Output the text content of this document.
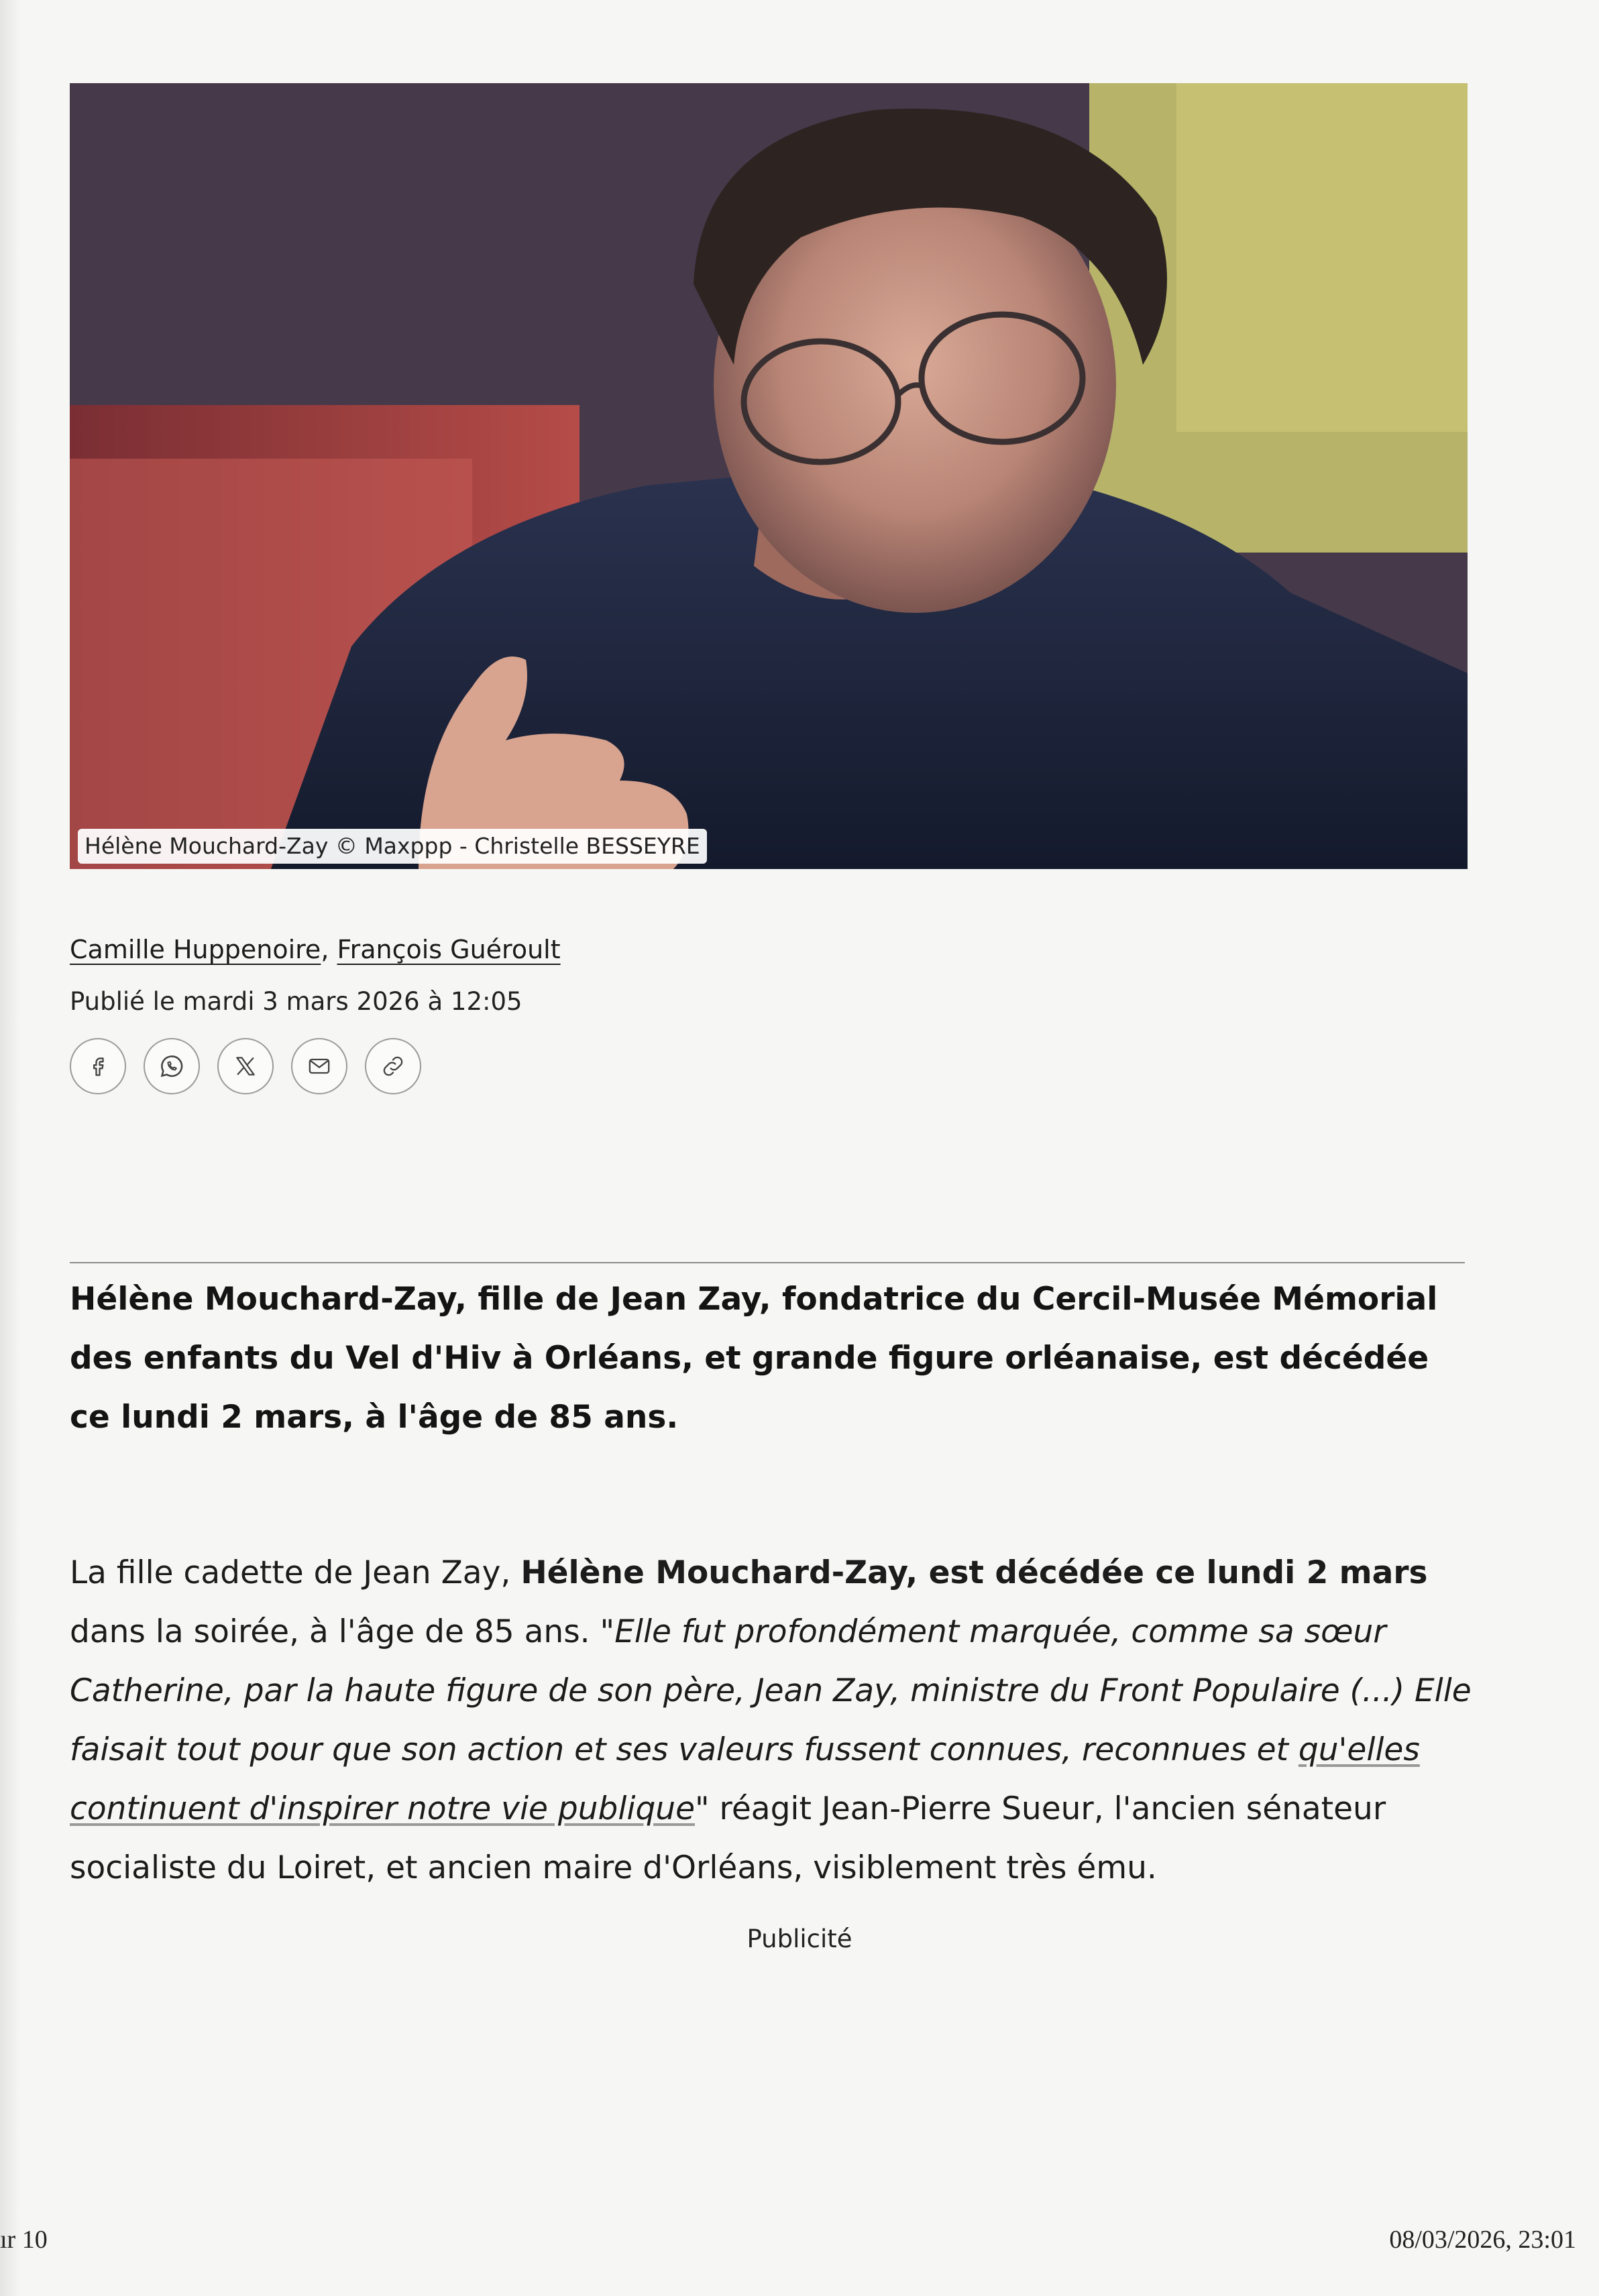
Hélène Mouchard-Zay © Maxppp - Christelle BESSEYRE
Camille Huppenoire, François Guéroult
Publié le mardi 3 mars 2026 à 12:05
Hélène Mouchard-Zay, fille de Jean Zay, fondatrice du Cercil-Musée Mémorial des enfants du Vel d'Hiv à Orléans, et grande figure orléanaise, est décédée ce lundi 2 mars, à l'âge de 85 ans.
La fille cadette de Jean Zay, Hélène Mouchard-Zay, est décédée ce lundi 2 mars dans la soirée, à l'âge de 85 ans. "Elle fut profondément marquée, comme sa sœur Catherine, par la haute figure de son père, Jean Zay, ministre du Front Populaire (...) Elle faisait tout pour que son action et ses valeurs fussent connues, reconnues et qu'elles continuent d'inspirer notre vie publique" réagit Jean-Pierre Sueur, l'ancien sénateur socialiste du Loiret, et ancien maire d'Orléans, visiblement très ému.
Publicité
ır 10	08/03/2026, 23:01
